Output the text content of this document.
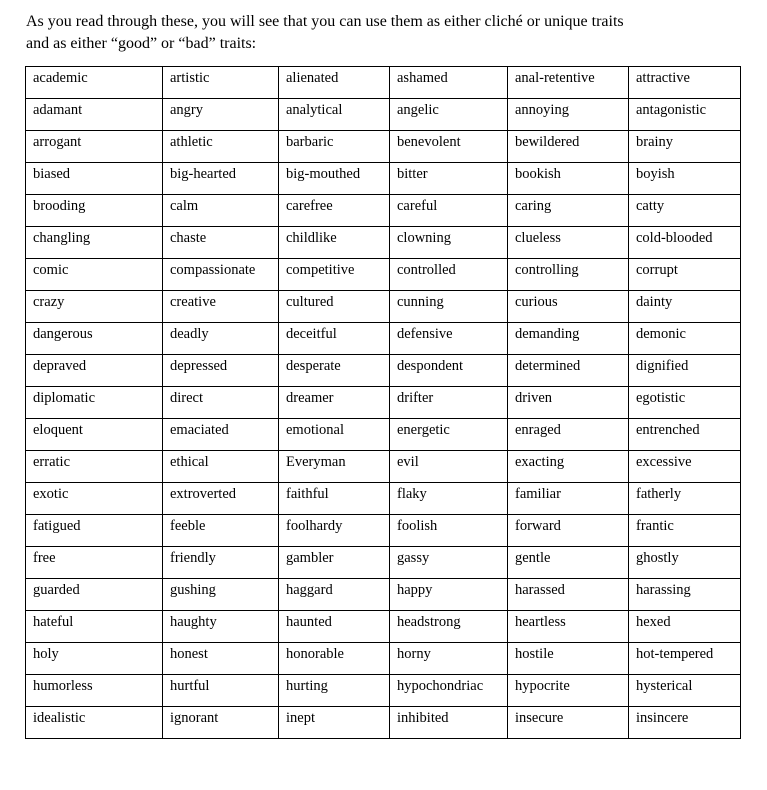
As you read through these, you will see that you can use them as either cliché or unique traits
and as either “good” or “bad” traits:

academic	artistic	alienated	ashamed	anal-retentive	attractive
adamant	angry	analytical	angelic	annoying	antagonistic
arrogant	athletic	barbaric	benevolent	bewildered	brainy
biased	big-hearted	big-mouthed	bitter	bookish	boyish
brooding	calm	carefree	careful	caring	catty
changling	chaste	childlike	clowning	clueless	cold-blooded
comic	compassionate	competitive	controlled	controlling	corrupt
crazy	creative	cultured	cunning	curious	dainty
dangerous	deadly	deceitful	defensive	demanding	demonic
depraved	depressed	desperate	despondent	determined	dignified
diplomatic	direct	dreamer	drifter	driven	egotistic
eloquent	emaciated	emotional	energetic	enraged	entrenched
erratic	ethical	Everyman	evil	exacting	excessive
exotic	extroverted	faithful	flaky	familiar	fatherly
fatigued	feeble	foolhardy	foolish	forward	frantic
free	friendly	gambler	gassy	gentle	ghostly
guarded	gushing	haggard	happy	harassed	harassing
hateful	haughty	haunted	headstrong	heartless	hexed
holy	honest	honorable	horny	hostile	hot-tempered
humorless	hurtful	hurting	hypochondriac	hypocrite	hysterical
idealistic	ignorant	inept	inhibited	insecure	insincere
